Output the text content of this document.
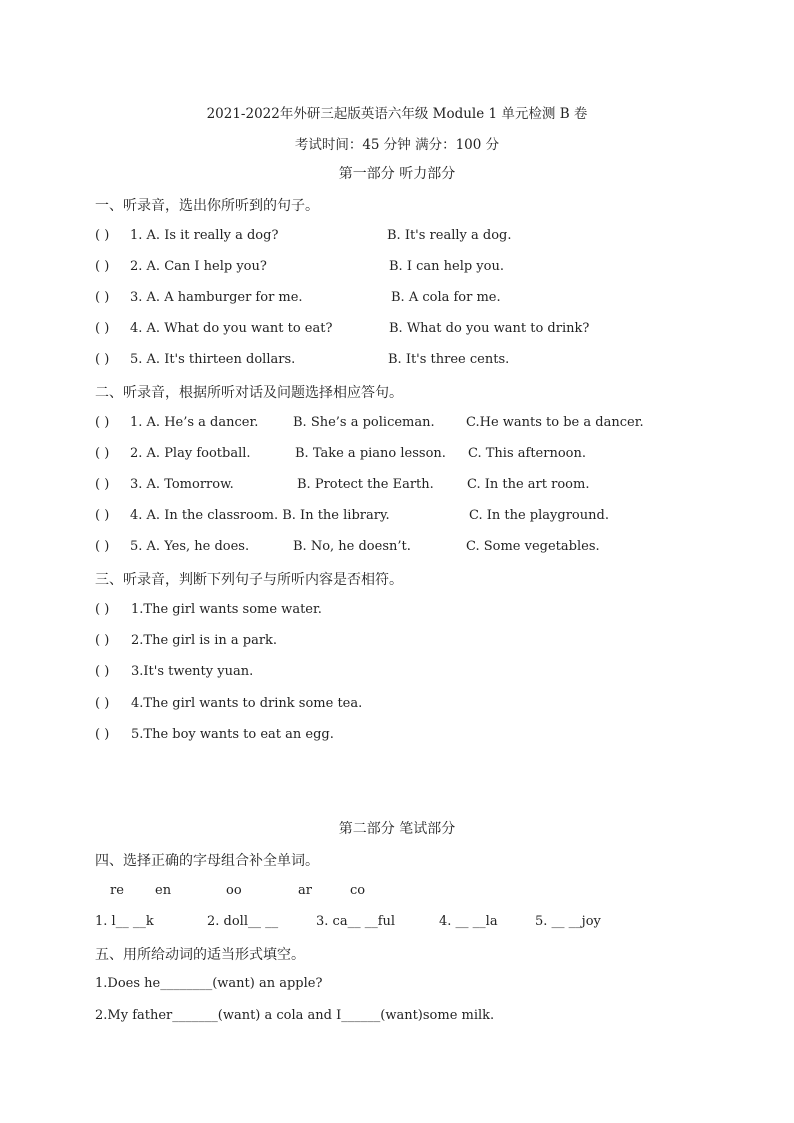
2021-2022年外研三起版英语六年级 Module 1 单元检测 B 卷
考试时间：45 分钟 满分：100 分
第一部分 听力部分
一、听录音，选出你所听到的句子。
( ) 1. A. Is it really a dog?	B. It's really a dog.
( ) 2. A. Can I help you?	B. I can help you.
( ) 3. A. A hamburger for me.	B. A cola for me.
( ) 4. A. What do you want to eat?	B. What do you want to drink?
( ) 5. A. It's thirteen dollars.	B. It's three cents.
二、听录音，根据所听对话及问题选择相应答句。
( ) 1. A. He’s a dancer.	B. She’s a policeman. C.He wants to be a dancer.
( ) 2. A. Play football.	B. Take a piano lesson. C. This afternoon.
( ) 3. A. Tomorrow.	B. Protect the Earth.	C. In the art room.
( ) 4. A. In the classroom. B. In the library.	C. In the playground.
( ) 5. A. Yes, he does.	B. No, he doesn’t.	C. Some vegetables.
三、听录音，判断下列句子与所听内容是否相符。
( ) 1.The girl wants some water.
( ) 2.The girl is in a park.
( ) 3.It's twenty yuan.
( ) 4.The girl wants to drink some tea.
( ) 5.The boy wants to eat an egg.
第二部分 笔试部分
四、选择正确的字母组合补全单词。
re en	oo	ar	co
1. l__ __k	2. doll__ __	3. ca__ __ful	4. __ __la	5. __ __joy
五、用所给动词的适当形式填空。
1.Does he________(want) an apple?
2.My father_______(want) a cola and I______(want)some milk.
